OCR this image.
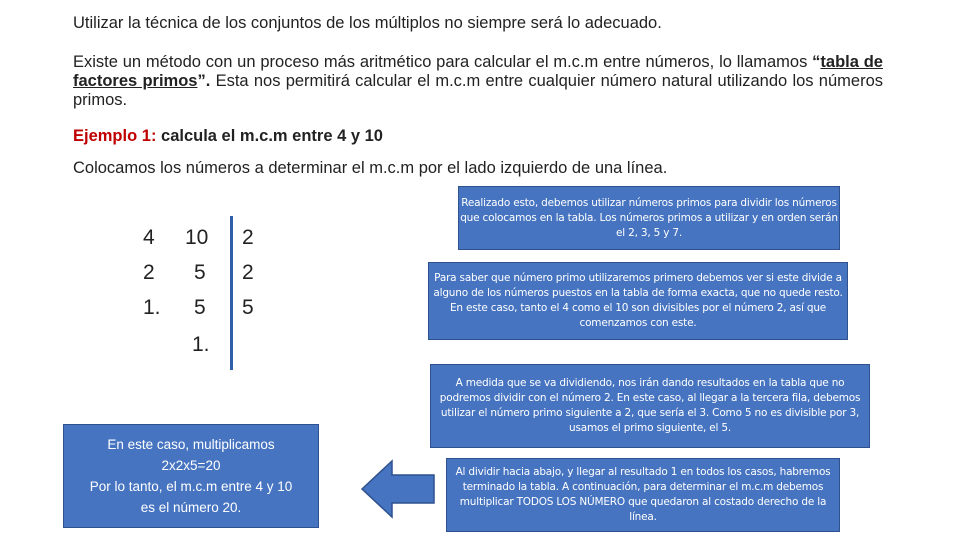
Utilizar la técnica de los conjuntos de los múltiplos no siempre será lo adecuado.
Existe un método con un proceso más aritmético para calcular el m.c.m entre números, lo llamamos “tabla de factores primos”. Esta nos permitirá calcular el m.c.m entre cualquier número natural utilizando los números primos.
Ejemplo 1: calcula el m.c.m entre 4 y 10
Colocamos los números a determinar el m.c.m por el lado izquierdo de una línea.
4
2
1.
10
5
5
1.
2
2
5
Realizado esto, debemos utilizar números primos para dividir los números que colocamos en la tabla. Los números primos a utilizar y en orden serán el 2, 3, 5 y 7.
Para saber que número primo utilizaremos primero debemos ver si este divide a alguno de los números puestos en la tabla de forma exacta, que no quede resto. En este caso, tanto el 4 como el 10 son divisibles por el número 2, así que comenzamos con este.
A medida que se va dividiendo, nos irán dando resultados en la tabla que no podremos dividir con el número 2. En este caso, al llegar a la tercera fila, debemos utilizar el número primo siguiente a 2, que sería el 3. Como 5 no es divisible por 3, usamos el primo siguiente, el 5.
Al dividir hacia abajo, y llegar al resultado 1 en todos los casos, habremos terminado la tabla. A continuación, para determinar el m.c.m debemos multiplicar TODOS LOS NÚMERO que quedaron al costado derecho de la línea.
En este caso, multiplicamos
2x2x5=20
Por lo tanto, el m.c.m entre 4 y 10
es el número 20.
